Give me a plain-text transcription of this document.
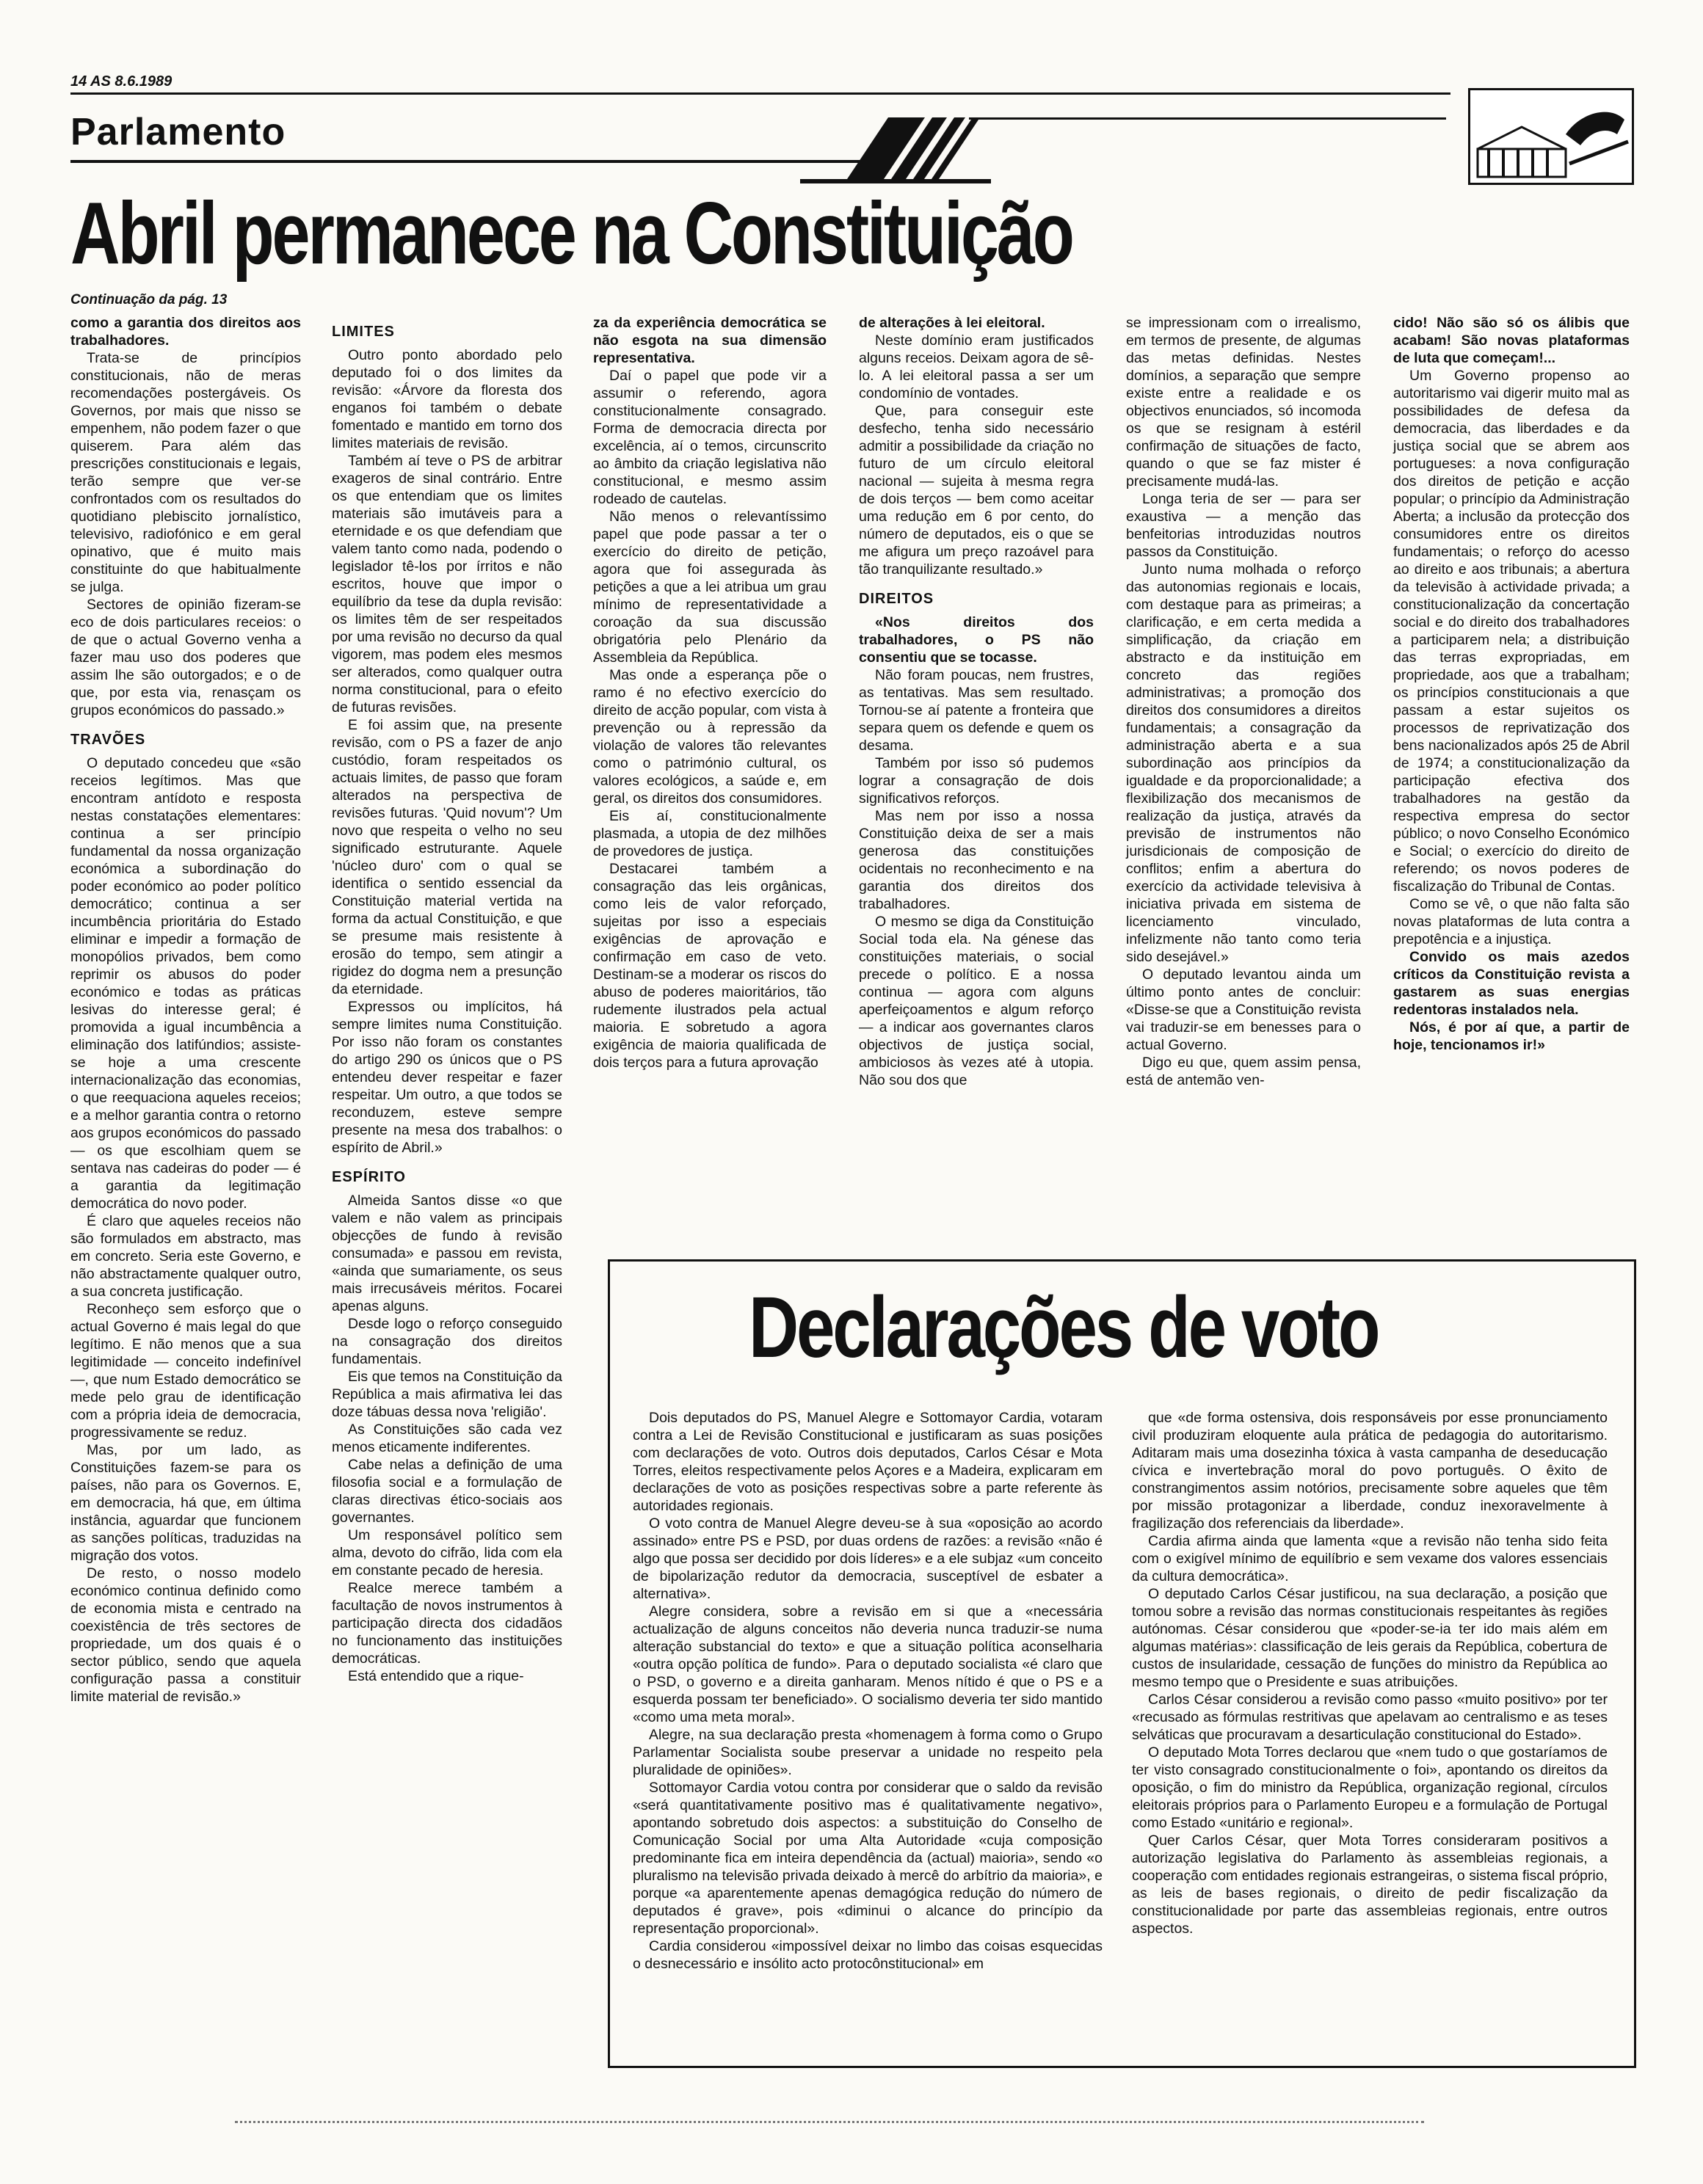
14 AS 8.6.1989
Parlamento
Abril permanece na Constituição
Continuação da pág. 13

como a garantia dos direitos aos trabalhadores.

Trata-se de princípios constitucionais, não de meras recomendações postergáveis. Os Governos, por mais que nisso se empenhem, não podem fazer o que quiserem. Para além das prescrições constitucionais e legais, terão sempre que ver-se confrontados com os resultados do quotidiano plebiscito jornalístico, televisivo, radiofónico e em geral opinativo, que é muito mais constituinte do que habitualmente se julga.

Sectores de opinião fizeram-se eco de dois particulares receios: o de que o actual Governo venha a fazer mau uso dos poderes que assim lhe são outorgados; e o de que, por esta via, renasçam os grupos económicos do passado.»

TRAVÕES

O deputado concedeu que «são receios legítimos. Mas que encontram antídoto e resposta nestas constatações elementares: continua a ser princípio fundamental da nossa organização económica a subordinação do poder económico ao poder político democrático; continua a ser incumbência prioritária do Estado eliminar e impedir a formação de monopólios privados, bem como reprimir os abusos do poder económico e todas as práticas lesivas do interesse geral; é promovida a igual incumbência a eliminação dos latifúndios; assiste-se hoje a uma crescente internacionalização das economias, o que reequaciona aqueles receios; e a melhor garantia contra o retorno aos grupos económicos do passado — os que escolhiam quem se sentava nas cadeiras do poder — é a garantia da legitimação democrática do novo poder.

É claro que aqueles receios não são formulados em abstracto, mas em concreto. Seria este Governo, e não abstractamente qualquer outro, a sua concreta justificação.

Reconheço sem esforço que o actual Governo é mais legal do que legítimo. E não menos que a sua legitimidade — conceito indefinível —, que num Estado democrático se mede pelo grau de identificação com a própria ideia de democracia, progressivamente se reduz.

Mas, por um lado, as Constituições fazem-se para os países, não para os Governos. E, em democracia, há que, em última instância, aguardar que funcionem as sanções políticas, traduzidas na migração dos votos.

De resto, o nosso modelo económico continua definido como de economia mista e centrado na coexistência de três sectores de propriedade, um dos quais é o sector público, sendo que aquela configuração passa a constituir limite material de revisão.»

LIMITES

Outro ponto abordado pelo deputado foi o dos limites da revisão: «Árvore da floresta dos enganos foi também o debate fomentado e mantido em torno dos limites materiais de revisão.

Também aí teve o PS de arbitrar exageros de sinal contrário. Entre os que entendiam que os limites materiais são imutáveis para a eternidade e os que defendiam que valem tanto como nada, podendo o legislador tê-los por írritos e não escritos, houve que impor o equilíbrio da tese da dupla revisão: os limites têm de ser respeitados por uma revisão no decurso da qual vigorem, mas podem eles mesmos ser alterados, como qualquer outra norma constitucional, para o efeito de futuras revisões.

E foi assim que, na presente revisão, com o PS a fazer de anjo custódio, foram respeitados os actuais limites, de passo que foram alterados na perspectiva de revisões futuras. 'Quid novum'? Um novo que respeita o velho no seu significado estruturante. Aquele 'núcleo duro' com o qual se identifica o sentido essencial da Constituição material vertida na forma da actual Constituição, e que se presume mais resistente à erosão do tempo, sem atingir a rigidez do dogma nem a presunção da eternidade.

Expressos ou implícitos, há sempre limites numa Constituição. Por isso não foram os constantes do artigo 290 os únicos que o PS entendeu dever respeitar e fazer respeitar. Um outro, a que todos se reconduzem, esteve sempre presente na mesa dos trabalhos: o espírito de Abril.»

ESPÍRITO

Almeida Santos disse «o que valem e não valem as principais objecções de fundo à revisão consumada» e passou em revista, «ainda que sumariamente, os seus mais irrecusáveis méritos. Focarei apenas alguns.

Desde logo o reforço conseguido na consagração dos direitos fundamentais.

Eis que temos na Constituição da República a mais afirmativa lei das doze tábuas dessa nova 'religião'.

As Constituições são cada vez menos eticamente indiferentes.

Cabe nelas a definição de uma filosofia social e a formulação de claras directivas ético-sociais aos governantes.

Um responsável político sem alma, devoto do cifrão, lida com ela em constante pecado de heresia.

Realce merece também a facultação de novos instrumentos à participação directa dos cidadãos no funcionamento das instituições democráticas.

Está entendido que a rique-

za da experiência democrática se não esgota na sua dimensão representativa.

Daí o papel que pode vir a assumir o referendo, agora constitucionalmente consagrado. Forma de democracia directa por excelência, aí o temos, circunscrito ao âmbito da criação legislativa não constitucional, e mesmo assim rodeado de cautelas.

Não menos o relevantíssimo papel que pode passar a ter o exercício do direito de petição, agora que foi assegurada às petições a que a lei atribua um grau mínimo de representatividade a coroação da sua discussão obrigatória pelo Plenário da Assembleia da República.

Mas onde a esperança põe o ramo é no efectivo exercício do direito de acção popular, com vista à prevenção ou à repressão da violação de valores tão relevantes como o património cultural, os valores ecológicos, a saúde e, em geral, os direitos dos consumidores.

Eis aí, constitucionalmente plasmada, a utopia de dez milhões de provedores de justiça.

Destacarei também a consagração das leis orgânicas, como leis de valor reforçado, sujeitas por isso a especiais exigências de aprovação e confirmação em caso de veto. Destinam-se a moderar os riscos do abuso de poderes maioritários, tão rudemente ilustrados pela actual maioria. E sobretudo a agora exigência de maioria qualificada de dois terços para a futura aprovação

de alterações à lei eleitoral.

Neste domínio eram justificados alguns receios. Deixam agora de sê-lo. A lei eleitoral passa a ser um condomínio de vontades.

Que, para conseguir este desfecho, tenha sido necessário admitir a possibilidade da criação no futuro de um círculo eleitoral nacional — sujeita à mesma regra de dois terços — bem como aceitar uma redução em 6 por cento, do número de deputados, eis o que se me afigura um preço razoável para tão tranquilizante resultado.»

DIREITOS

«Nos direitos dos trabalhadores, o PS não consentiu que se tocasse.

Não foram poucas, nem frustres, as tentativas. Mas sem resultado. Tornou-se aí patente a fronteira que separa quem os defende e quem os desama.

Também por isso só pudemos lograr a consagração de dois significativos reforços.

Mas nem por isso a nossa Constituição deixa de ser a mais generosa das constituições ocidentais no reconhecimento e na garantia dos direitos dos trabalhadores.

O mesmo se diga da Constituição Social toda ela. Na génese das constituições materiais, o social precede o político. E a nossa continua — agora com alguns aperfeiçoamentos e algum reforço — a indicar aos governantes claros objectivos de justiça social, ambiciosos às vezes até à utopia. Não sou dos que

se impressionam com o irrealismo, em termos de presente, de algumas das metas definidas. Nestes domínios, a separação que sempre existe entre a realidade e os objectivos enunciados, só incomoda os que se resignam à estéril confirmação de situações de facto, quando o que se faz mister é precisamente mudá-las.

Longa teria de ser — para ser exaustiva — a menção das benfeitorias introduzidas noutros passos da Constituição.

Junto numa molhada o reforço das autonomias regionais e locais, com destaque para as primeiras; a clarificação, e em certa medida a simplificação, da criação em abstracto e da instituição em concreto das regiões administrativas; a promoção dos direitos dos consumidores a direitos fundamentais; a consagração da administração aberta e a sua subordinação aos princípios da igualdade e da proporcionalidade; a flexibilização dos mecanismos de realização da justiça, através da previsão de instrumentos não jurisdicionais de composição de conflitos; enfim a abertura do exercício da actividade televisiva à iniciativa privada em sistema de licenciamento vinculado, infelizmente não tanto como teria sido desejável.»

O deputado levantou ainda um último ponto antes de concluir: «Disse-se que a Constituição revista vai traduzir-se em benesses para o actual Governo.

Digo eu que, quem assim pensa, está de antemão ven-

cido! Não são só os álibis que acabam! São novas plataformas de luta que começam!...

Um Governo propenso ao autoritarismo vai digerir muito mal as possibilidades de defesa da democracia, das liberdades e da justiça social que se abrem aos portugueses: a nova configuração dos direitos de petição e acção popular; o princípio da Administração Aberta; a inclusão da protecção dos consumidores entre os direitos fundamentais; o reforço do acesso ao direito e aos tribunais; a abertura da televisão à actividade privada; a constitucionalização da concertação social e do direito dos trabalhadores a participarem nela; a distribuição das terras expropriadas, em propriedade, aos que a trabalham; os princípios constitucionais a que passam a estar sujeitos os processos de reprivatização dos bens nacionalizados após 25 de Abril de 1974; a constitucionalização da participação efectiva dos trabalhadores na gestão da respectiva empresa do sector público; o novo Conselho Económico e Social; o exercício do direito de referendo; os novos poderes de fiscalização do Tribunal de Contas.

Como se vê, o que não falta são novas plataformas de luta contra a prepotência e a injustiça.

Convido os mais azedos críticos da Constituição revista a gastarem as suas energias redentoras instalados nela.

Nós, é por aí que, a partir de hoje, tencionamos ir!»

Declarações de voto

Dois deputados do PS, Manuel Alegre e Sottomayor Cardia, votaram contra a Lei de Revisão Constitucional e justificaram as suas posições com declarações de voto. Outros dois deputados, Carlos César e Mota Torres, eleitos respectivamente pelos Açores e a Madeira, explicaram em declarações de voto as posições respectivas sobre a parte referente às autoridades regionais.

O voto contra de Manuel Alegre deveu-se à sua «oposição ao acordo assinado» entre PS e PSD, por duas ordens de razões: a revisão «não é algo que possa ser decidido por dois líderes» e a ele subjaz «um conceito de bipolarização redutor da democracia, susceptível de esbater a alternativa».

Alegre considera, sobre a revisão em si que a «necessária actualização de alguns conceitos não deveria nunca traduzir-se numa alteração substancial do texto» e que a situação política aconselharia «outra opção política de fundo». Para o deputado socialista «é claro que o PSD, o governo e a direita ganharam. Menos nítido é que o PS e a esquerda possam ter beneficiado». O socialismo deveria ter sido mantido «como uma meta moral».

Alegre, na sua declaração presta «homenagem à forma como o Grupo Parlamentar Socialista soube preservar a unidade no respeito pela pluralidade de opiniões».

Sottomayor Cardia votou contra por considerar que o saldo da revisão «será quantitativamente positivo mas é qualitativamente negativo», apontando sobretudo dois aspectos: a substituição do Conselho de Comunicação Social por uma Alta Autoridade «cuja composição predominante fica em inteira dependência da (actual) maioria», sendo «o pluralismo na televisão privada deixado à mercê do arbítrio da maioria», e porque «a aparentemente apenas demagógica redução do número de deputados é grave», pois «diminui o alcance do princípio da representação proporcional».

Cardia considerou «impossível deixar no limbo das coisas esquecidas o desnecessário e insólito acto protocônstitucional» em

que «de forma ostensiva, dois responsáveis por esse pronunciamento civil produziram eloquente aula prática de pedagogia do autoritarismo. Aditaram mais uma dosezinha tóxica à vasta campanha de deseducação cívica e invertebração moral do povo português. O êxito de constrangimentos assim notórios, precisamente sobre aqueles que têm por missão protagonizar a liberdade, conduz inexoravelmente à fragilização dos referenciais da liberdade».

Cardia afirma ainda que lamenta «que a revisão não tenha sido feita com o exigível mínimo de equilíbrio e sem vexame dos valores essenciais da cultura democrática».

O deputado Carlos César justificou, na sua declaração, a posição que tomou sobre a revisão das normas constitucionais respeitantes às regiões autónomas. César considerou que «poder-se-ia ter ido mais além em algumas matérias»: classificação de leis gerais da República, cobertura de custos de insularidade, cessação de funções do ministro da República ao mesmo tempo que o Presidente e suas atribuições.

Carlos César considerou a revisão como passo «muito positivo» por ter «recusado as fórmulas restritivas que apelavam ao centralismo e as teses selváticas que procuravam a desarticulação constitucional do Estado».

O deputado Mota Torres declarou que «nem tudo o que gostaríamos de ter visto consagrado constitucionalmente o foi», apontando os direitos da oposição, o fim do ministro da República, organização regional, círculos eleitorais próprios para o Parlamento Europeu e a formulação de Portugal como Estado «unitário e regional».

Quer Carlos César, quer Mota Torres consideraram positivos a autorização legislativa do Parlamento às assembleias regionais, a cooperação com entidades regionais estrangeiras, o sistema fiscal próprio, as leis de bases regionais, o direito de pedir fiscalização da constitucionalidade por parte das assembleias regionais, entre outros aspectos.
